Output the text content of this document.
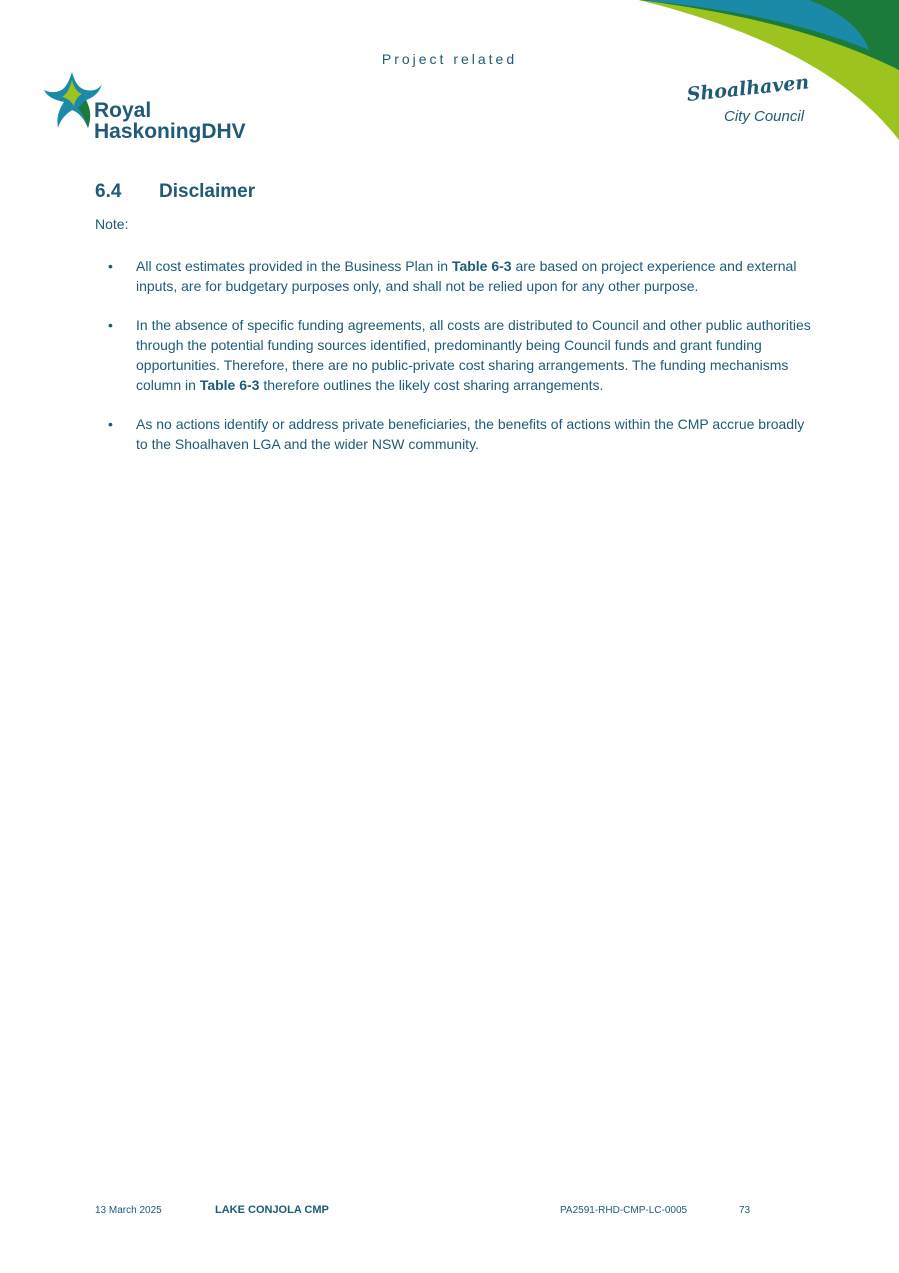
Project related
Royal
HaskoningDHV
Shoalhaven
City Council
6.4 Disclaimer
Note:
• All cost estimates provided in the Business Plan in Table 6-3 are based on project experience and external inputs, are for budgetary purposes only, and shall not be relied upon for any other purpose.
• In the absence of specific funding agreements, all costs are distributed to Council and other public authorities through the potential funding sources identified, predominantly being Council funds and grant funding opportunities. Therefore, there are no public-private cost sharing arrangements. The funding mechanisms column in Table 6-3 therefore outlines the likely cost sharing arrangements.
• As no actions identify or address private beneficiaries, the benefits of actions within the CMP accrue broadly to the Shoalhaven LGA and the wider NSW community.
13 March 2025	LAKE CONJOLA CMP	PA2591-RHD-CMP-LC-0005	73
